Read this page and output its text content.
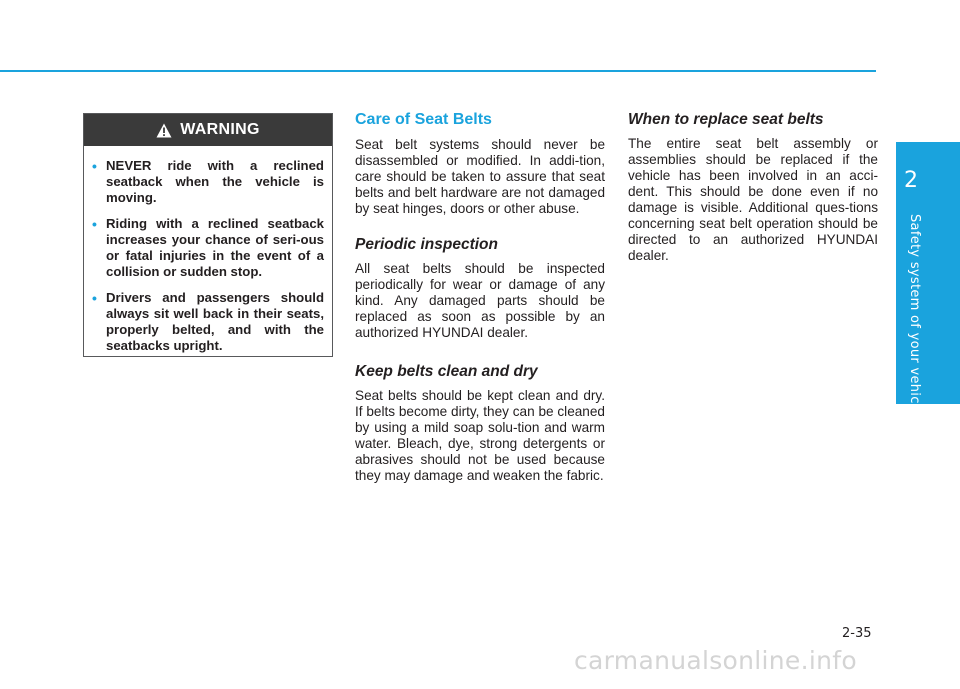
2
Safety system of your vehicle
WARNING
• NEVER ride with a reclined seatback when the vehicle is moving.
• Riding with a reclined seatback increases your chance of seri-ous or fatal injuries in the event of a collision or sudden stop.
• Drivers and passengers should always sit well back in their seats, properly belted, and with the seatbacks upright.
Care of Seat Belts

Seat belt systems should never be disassembled or modified. In addi-tion, care should be taken to assure that seat belts and belt hardware are not damaged by seat hinges, doors or other abuse.

Periodic inspection

All seat belts should be inspected periodically for wear or damage of any kind. Any damaged parts should be replaced as soon as possible by an authorized HYUNDAI dealer.

Keep belts clean and dry

Seat belts should be kept clean and dry. If belts become dirty, they can be cleaned by using a mild soap solu-tion and warm water. Bleach, dye, strong detergents or abrasives should not be used because they may damage and weaken the fabric.

When to replace seat belts

The entire seat belt assembly or assemblies should be replaced if the vehicle has been involved in an acci-dent. This should be done even if no damage is visible. Additional ques-tions concerning seat belt operation should be directed to an authorized HYUNDAI dealer.

2-35
carmanualsonline.info
